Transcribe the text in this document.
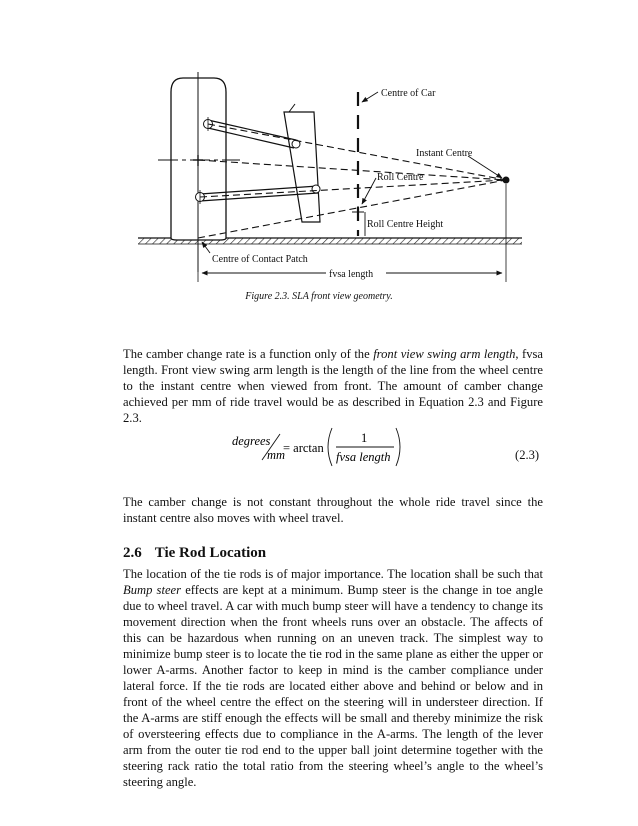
Centre of Car
Instant Centre
Roll Centre
Roll Centre Height
Centre of Contact Patch
fvsa length
Figure 2.3. SLA front view geometry.
The camber change rate is a function only of the front view swing arm length, fvsa length. Front view swing arm length is the length of the line from the wheel centre to the instant centre when viewed from front. The amount of camber change achieved per mm of ride travel would be as described in Equation 2.3 and Figure 2.3.
degrees
mm
= arctan
1
fvsa length	(2.3)
The camber change is not constant throughout the whole ride travel since the instant centre also moves with wheel travel.
2.6 Tie Rod Location
The location of the tie rods is of major importance. The location shall be such that Bump steer effects are kept at a minimum. Bump steer is the change in toe angle due to wheel travel. A car with much bump steer will have a tendency to change its movement direction when the front wheels runs over an obstacle. The affects of this can be hazardous when running on an uneven track. The simplest way to minimize bump steer is to locate the tie rod in the same plane as either the upper or lower A-arms. Another factor to keep in mind is the camber compliance under lateral force. If the tie rods are located either above and behind or below and in front of the wheel centre the effect on the steering will in understeer direction. If the A-arms are stiff enough the effects will be small and thereby minimize the risk of oversteering effects due to compliance in the A-arms. The length of the lever arm from the outer tie rod end to the upper ball joint determine together with the steering rack ratio the total ratio from the steering wheel’s angle to the wheel’s steering angle.
